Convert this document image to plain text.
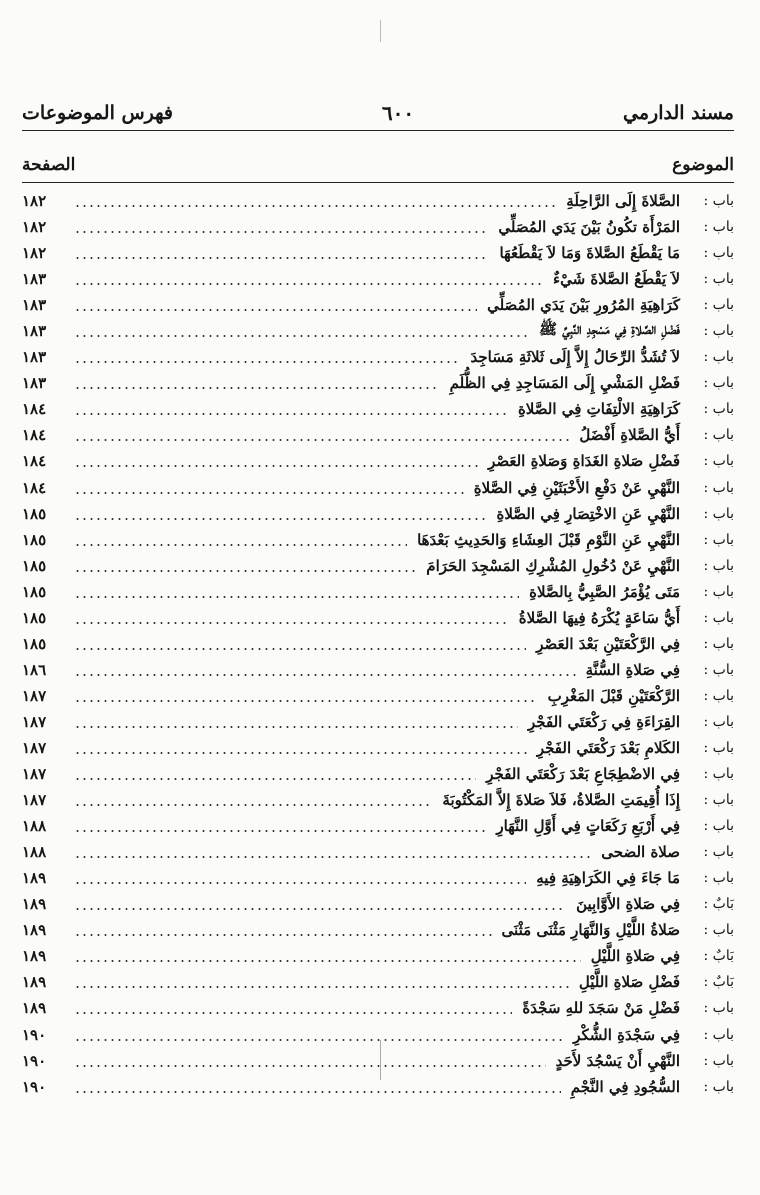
مسند الدارمي
٦٠٠
فهرس الموضوعات
الموضوع
الصفحة
باب :
الصَّلاةَ إِلَى الرَّاحِلَةِ
١٨٢
باب :
المَرْأَة تكُونُ بَيْنَ يَدَي المُصَلِّي
١٨٢
باب :
مَا يَقْطَعُ الصَّلاةَ وَمَا لاَ يَقْطَعُهَا
١٨٢
باب :
لاَ يَقْطَعُ الصَّلاةَ شَيْءٌ
١٨٣
باب :
كَرَاهِيَةِ المُرُورِ بَيْنَ يَدَي المُصَلِّي
١٨٣
باب :
فَضْلِ الصَّلاةِ فِي مَسْجِدِ النَّبِيِّ ﷺ
١٨٣
باب :
لاَ تُشَدُّ الرِّحَالُ إِلاَّ إِلَى ثَلاثَةِ مَسَاجِدَ
١٨٣
باب :
فَضْلِ المَشْيِ إِلَى المَسَاجِدِ فِي الظُّلَمِ
١٨٣
باب :
كَرَاهِيَةِ الالْتِفَاتِ فِي الصَّلاةِ
١٨٤
باب :
أَيُّ الصَّلاةِ أَفْضَلُ
١٨٤
باب :
فَضْلِ صَلاةِ الغَدَاةِ وَصَلاةِ العَصْرِ
١٨٤
باب :
النَّهْيِ عَنْ دَفْعِ الأَخْبَثَيْنِ فِي الصَّلاةِ
١٨٤
باب :
النَّهْيِ عَنِ الاخْتِصَارِ فِي الصَّلاةِ
١٨٥
باب :
النَّهْيِ عَنِ النَّوْمِ قَبْلَ العِشَاءِ وَالحَدِيثِ بَعْدَهَا
١٨٥
باب :
النَّهْيِ عَنْ دُخُولِ المُشْرِكِ المَسْجِدَ الحَرَامَ
١٨٥
باب :
مَتَى يُؤْمَرُ الصَّبِيُّ بِالصَّلاةِ
١٨٥
باب :
أَيُّ سَاعَةٍ يُكْرَهُ فِيهَا الصَّلاةُ
١٨٥
باب :
فِي الرَّكْعَتَيْنِ بَعْدَ العَصْرِ
١٨٥
باب :
فِي صَلاةِ السُّنَّةِ
١٨٦
باب :
الرَّكْعَتَيْنِ قَبْلَ المَغْرِبِ
١٨٧
باب :
القِرَاءَةِ فِي رَكْعَتَي الفَجْرِ
١٨٧
باب :
الكَلامِ بَعْدَ رَكْعَتَي الفَجْرِ
١٨٧
باب :
فِي الاضْطِجَاعِ بَعْدَ رَكْعَتَي الفَجْرِ
١٨٧
باب :
إِذَا أُقِيمَتِ الصَّلاةُ، فَلاَ صَلاةَ إِلاَّ المَكْتُوبَةَ
١٨٧
باب :
فِي أَرْبَعِ رَكَعَاتٍ فِي أَوَّلِ النَّهَارِ
١٨٨
باب :
صلاة الضحى
١٨٨
باب :
مَا جَاءَ فِي الكَرَاهِيَةِ فِيهِ
١٨٩
بَابٌ :
فِي صَلاةِ الأَوَّابِينَ
١٨٩
باب :
صَلاةُ اللَّيْلِ وَالنَّهَارِ مَثْنَى مَثْنَى
١٨٩
بَابٌ :
فِي صَلاةِ اللَّيْلِ
١٨٩
بَابٌ :
فَضْلِ صَلاةِ اللَّيْلِ
١٨٩
باب :
فَضْلِ مَنْ سَجَدَ للهِ سَجْدَةً
١٨٩
باب :
فِي سَجْدَةِ الشُّكْرِ
١٩٠
باب :
النَّهْيِ أَنْ يَسْجُدَ لأَحَدٍ
١٩٠
باب :
السُّجُودِ فِي النَّجْمِ
١٩٠
